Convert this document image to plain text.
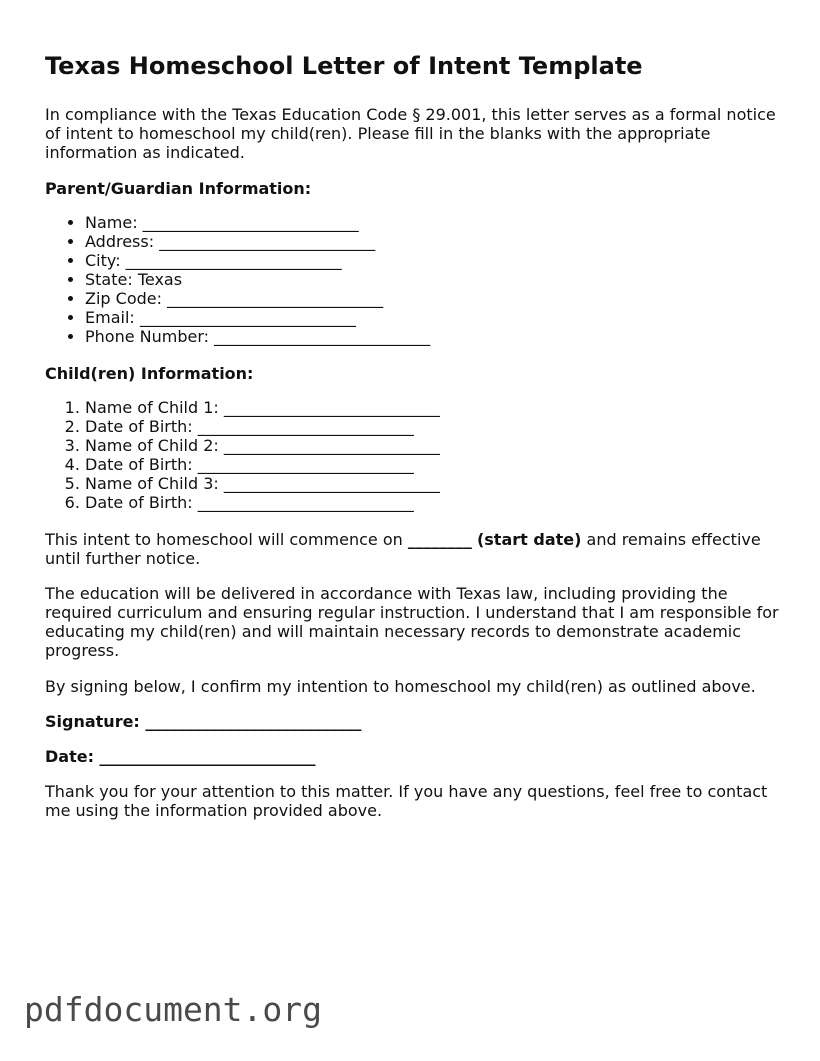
Texas Homeschool Letter of Intent Template

In compliance with the Texas Education Code § 29.001, this letter serves as a formal notice of intent to homeschool my child(ren). Please fill in the blanks with the appropriate information as indicated.

Parent/Guardian Information:

• Name: ___________________________
• Address: ___________________________
• City: ___________________________
• State: Texas
• Zip Code: ___________________________
• Email: ___________________________
• Phone Number: ___________________________

Child(ren) Information:

1. Name of Child 1: ___________________________
2. Date of Birth: ___________________________
3. Name of Child 2: ___________________________
4. Date of Birth: ___________________________
5. Name of Child 3: ___________________________
6. Date of Birth: ___________________________

This intent to homeschool will commence on ________ (start date) and remains effective until further notice.

The education will be delivered in accordance with Texas law, including providing the required curriculum and ensuring regular instruction. I understand that I am responsible for educating my child(ren) and will maintain necessary records to demonstrate academic progress.

By signing below, I confirm my intention to homeschool my child(ren) as outlined above.

Signature: ___________________________

Date: ___________________________

Thank you for your attention to this matter. If you have any questions, feel free to contact me using the information provided above.

pdfdocument.org
